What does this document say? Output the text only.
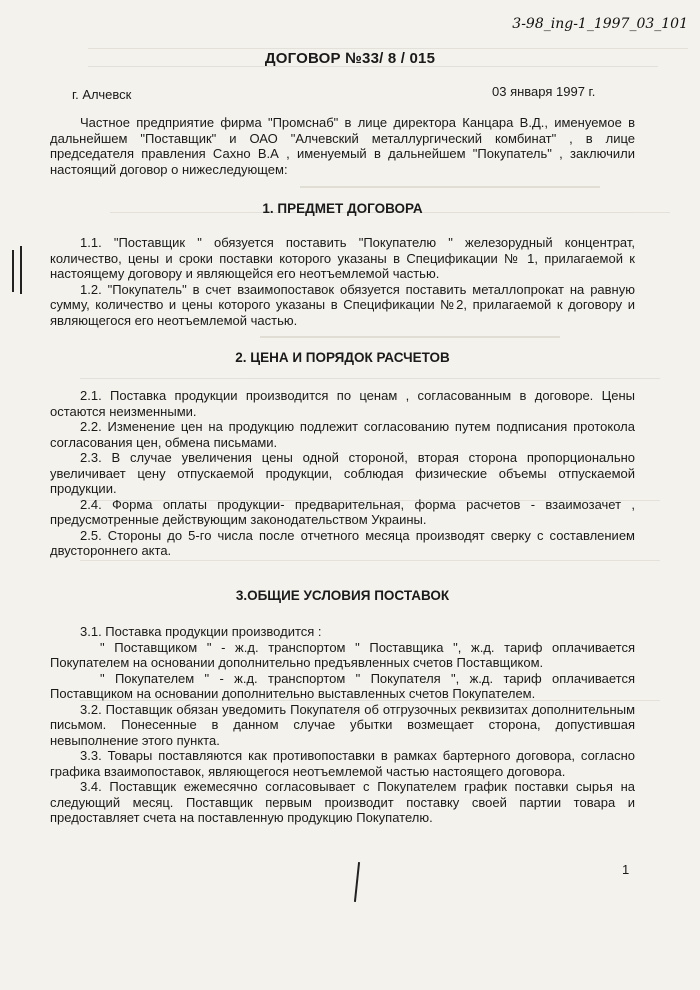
3-98_ing-1_1997_03_101
ДОГОВОР №33/ 8 / 015
г. Алчевск	03 января 1997 г.

Частное предприятие фирма "Промснаб" в лице директора Канцара В.Д., именуемое в дальнейшем "Поставщик" и ОАО "Алчевский металлургический комбинат" , в лице председателя правления Сахно В.А , именуемый в дальнейшем "Покупатель" , заключили настоящий договор о нижеследующем:

1. ПРЕДМЕТ ДОГОВОРА

1.1. "Поставщик " обязуется поставить "Покупателю " железорудный концентрат, количество, цены и сроки поставки которого указаны в Спецификации № 1, прилагаемой к настоящему договору и являющейся его неотъемлемой частью.

1.2. "Покупатель" в счет взаимопоставок обязуется поставить металлопрокат на равную сумму, количество и цены которого указаны в Спецификации №2, прилагаемой к договору и являющегося его неотъемлемой частью.

2. ЦЕНА И ПОРЯДОК РАСЧЕТОВ

2.1. Поставка продукции производится по ценам , согласованным в договоре. Цены остаются неизменными.

2.2. Изменение цен на продукцию подлежит согласованию путем подписания протокола согласования цен, обмена письмами.

2.3. В случае увеличения цены одной стороной, вторая сторона пропорционально увеличивает цену отпускаемой продукции, соблюдая физические объемы отпускаемой продукции.

2.4. Форма оплаты продукции- предварительная, форма расчетов - взаимозачет , предусмотренные действующим законодательством Украины.

2.5. Стороны до 5-го числа после отчетного месяца производят сверку с составлением двустороннего акта.

3.ОБЩИЕ УСЛОВИЯ ПОСТАВОК

3.1. Поставка продукции производится :

" Поставщиком " - ж.д. транспортом " Поставщика ", ж.д. тариф оплачивается Покупателем на основании дополнительно предъявленных счетов Поставщиком.

" Покупателем " - ж.д. транспортом " Покупателя ", ж.д. тариф оплачивается Поставщиком на основании дополнительно выставленных счетов Покупателем.

3.2. Поставщик обязан уведомить Покупателя об отгрузочных реквизитах дополнительным письмом. Понесенные в данном случае убытки возмещает сторона, допустившая невыполнение этого пункта.

3.3. Товары поставляются как противопоставки в рамках бартерного договора, согласно графика взаимопоставок, являющегося неотъемлемой частью настоящего договора.

3.4. Поставщик ежемесячно согласовывает с Покупателем график поставки сырья на следующий месяц. Поставщик первым производит поставку своей партии товара и предоставляет счета на поставленную продукцию Покупателю.

1
